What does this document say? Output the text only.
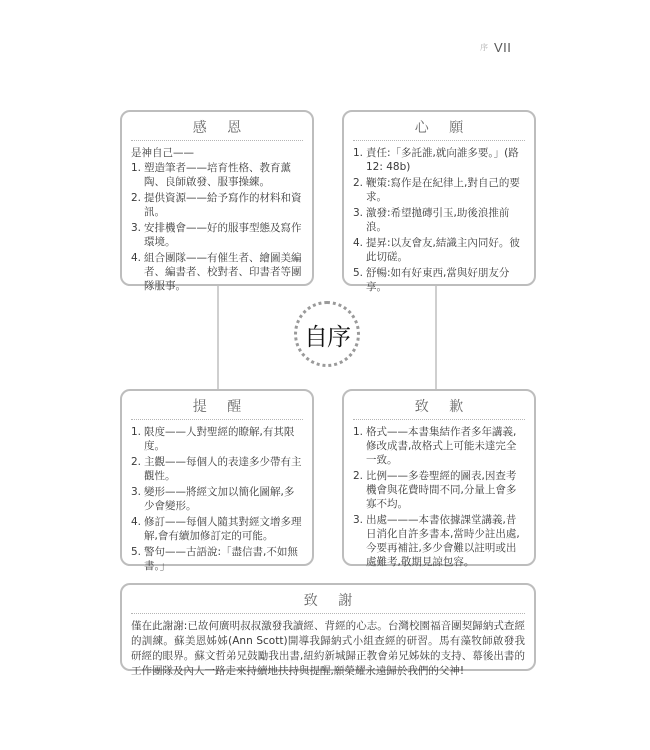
序 VII
自序
感 恩
是神自己——
1. 塑造筆者——培育性格、教育薰陶、良師啟發、服事操練。
2. 提供資源——給予寫作的材料和資訊。
3. 安排機會——好的服事型態及寫作環境。
4. 組合團隊——有催生者、繪圖美編者、編書者、校對者、印書者等團隊服事。
心 願
1. 責任:「多託誰,就向誰多要。」(路12: 48b)
2. 鞭策:寫作是在紀律上,對自己的要求。
3. 激發:希望拋磚引玉,助後浪推前浪。
4. 提昇:以友會友,結識主內同好。彼此切磋。
5. 舒暢:如有好東西,當與好朋友分享。
提 醒
1. 限度——人對聖經的瞭解,有其限度。
2. 主觀——每個人的表達多少帶有主觀性。
3. 變形——將經文加以簡化圖解,多少會變形。
4. 修訂——每個人隨其對經文增多理解,會有續加修訂定的可能。
5. 警句——古語說:「盡信書,不如無書。」
致 歉
1. 格式——本書集結作者多年講義,修改成書,故格式上可能未達完全一致。
2. 比例——多卷聖經的圖表,因查考機會與花費時間不同,分量上會多寡不均。
3. 出處———本書依據課堂講義,昔日消化自許多書本,當時少註出處,今要再補註,多少會難以註明或出處難考,敬期見諒包容。
致 謝
僅在此謝謝:已故何廣明叔叔激發我讀經、背經的心志。台灣校園福音團契歸納式查經的訓練。蘇美恩姊姊(Ann Scott)開導我歸納式小組查經的研習。馬有藻牧師啟發我研經的眼界。蘇文哲弟兄鼓勵我出書,紐約新城歸正教會弟兄姊妹的支持、幕後出書的工作團隊及內人一路走來持續地扶持與提醒,願榮耀永遠歸於我們的父神!
